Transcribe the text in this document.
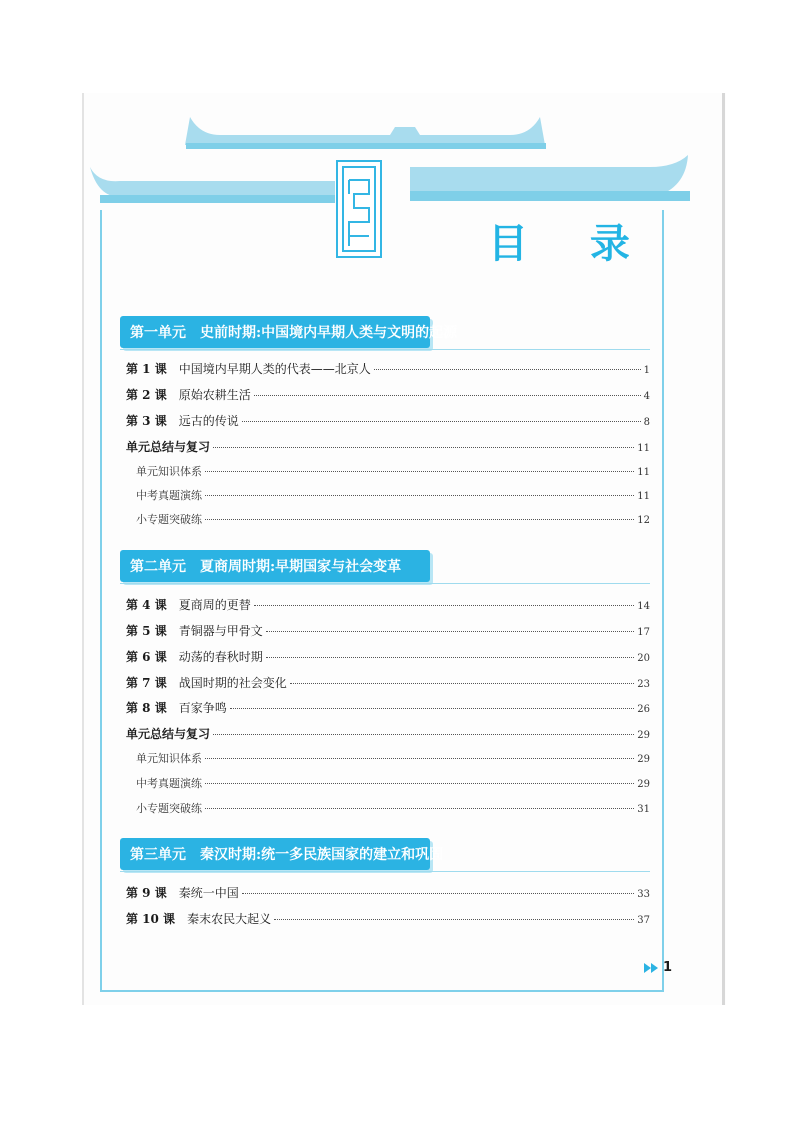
目 录
第一单元　史前时期:中国境内早期人类与文明的起源
第 1 课 中国境内早期人类的代表——北京人	1
第 2 课 原始农耕生活	4
第 3 课 远古的传说	8
单元总结与复习	11
单元知识体系	11
中考真题演练	11
小专题突破练	12
第二单元　夏商周时期:早期国家与社会变革
第 4 课 夏商周的更替	14
第 5 课 青铜器与甲骨文	17
第 6 课 动荡的春秋时期	20
第 7 课 战国时期的社会变化	23
第 8 课 百家争鸣	26
单元总结与复习	29
单元知识体系	29
中考真题演练	29
小专题突破练	31
第三单元　秦汉时期:统一多民族国家的建立和巩固
第 9 课 秦统一中国	33
第 10 课 秦末农民大起义	37
1
